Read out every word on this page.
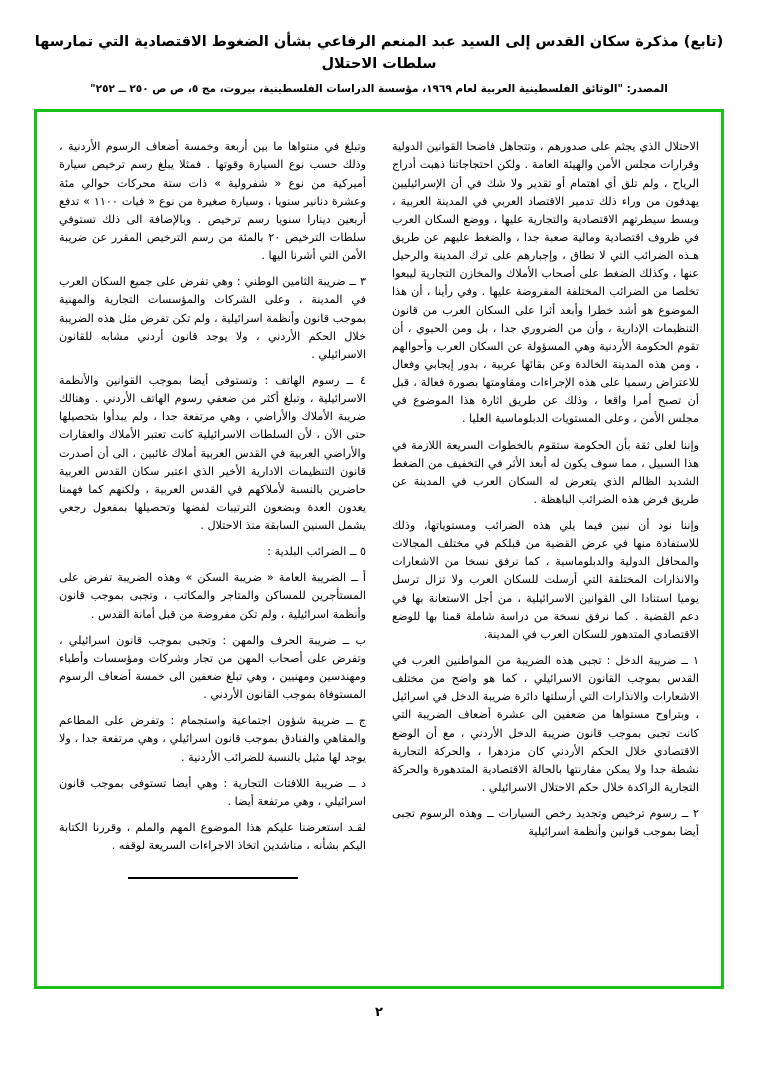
(تابع) مذكرة سكان القدس إلى السيد عبد المنعم الرفاعي بشأن الضغوط الاقتصادية التي تمارسها سلطات الاحتلال
المصدر: "الوثائق الفلسطينية العربية لعام ١٩٦٩، مؤسسة الدراسات الفلسطينية، بيروت، مج ٥، ص ص ٢٥٠ ــ ٢٥٢"

الاحتلال الذي يجثم على صدورهم ، وتتجاهل فاضحا القوانين الدولية وقرارات مجلس الأمن والهيئة العامة . ولكن احتجاجاتنا ذهبت أدراج الرياح ، ولم تلق أي اهتمام أو تقدير ولا شك في أن الإسرائيليين يهدفون من وراء ذلك تدمير الاقتصاد العربي في المدينة العربية ، وبسط سيطرتهم الاقتصادية والتجارية عليها ، ووضع السكان العرب في ظروف اقتصادية ومالية صعبة جدا ، والضغط عليهم عن طريق هـذه الضرائب التي لا تطاق ، وإجبارهم على ترك المدينة والرحيل عنها ، وكذلك الضغط على أصحاب الأملاك والمخازن التجارية ليبعوا تخلصا من الضرائب المختلفة المفروضة عليها . وفي رأينا ، أن هذا الموضوع هو أشد خطرا وأبعد أثرا على السكان العرب من قانون التنظيمات الإدارية ، وأن من الضروري جدا ، بل ومن الحيوي ، أن تقوم الحكومة الأردنية وهي المسؤولة عن السكان العرب وأحوالهم ، ومن هذه المدينة الخالدة وعن بقائها عربية ، بدور إيجابي وفعال للاعتراض رسميا على هذه الإجراءات ومقاومتها بصورة فعالة ، قبل أن تصبح أمرا واقعا ، وذلك عن طريق اثارة هذا الموضوع في مجلس الأمن ، وعلى المستويات الدبلوماسية العليا .

وإننا لعلى ثقة بأن الحكومة ستقوم بالخطوات السريعة اللازمة في هذا السبيل ، مما سوف يكون له أبعد الأثر في التخفيف من الضغط الشديد الظالم الذي يتعرض له السكان العرب في المدينة عن طريق فرض هذه الضرائب الباهظة .

وإننا نود أن نبين فيما يلي هذه الضرائب ومستوياتها، وذلك للاستفادة منها في عرض القضية من قبلكم في مختلف المجالات والمحافل الدولية والدبلوماسية ، كما نرفق نسخا من الاشعارات والانذارات المختلفة التي أرسلت للسكان العرب ولا تزال ترسل يوميا استنادا الى القوانين الاسرائيلية ، من أجل الاستعانة بها في دعم القضية . كما نرفق نسخة من دراسة شاملة قمنا بها للوضع الاقتصادي المتدهور للسكان العرب في المدينة.

١ ــ ضريبة الدخل : تجبى هذه الضريبة من المواطنين العرب في القدس بموجب القانون الاسرائيلي ، كما هو واضح من مختلف الاشعارات والانذارات التي أرسلتها دائرة ضريبة الدخل في اسرائيل ، وبتراوح مستواها من ضعفين الى عشرة أضعاف الضريبة التي كانت تجبى بموجب قانون ضريبة الدخل الأردني ، مع أن الوضع الاقتصادي خلال الحكم الأردني كان مزدهرا ، والحركة التجارية نشطة جدا ولا يمكن مقارنتها بالحالة الاقتصادية المتدهورة والحركة التجارية الراكدة خلال حكم الاحتلال الاسرائيلي .

٢ ــ رسوم ترخيص وتجديد رخص السيارات ــ وهذه الرسوم تجبى أيضا بموجب قوانين وأنظمة اسرائيلية

وتبلغ في منتواها ما بين أربعة وخمسة أضعاف الرسوم الأردنية ، وذلك حسب نوع السيارة وقوتها . فمثلا يبلغ رسم ترخيص سيارة أميركية من نوع « شفرولية » ذات ستة محركات حوالي مئة وعشرة دنانير سنويا ، وسيارة صغيرة من نوع « فيات ١١٠٠ » تدفع أربعين دينارا سنويا رسم ترخيص . وبالإضافة الى ذلك تستوفي سلطات الترخيص ٢٠ بالمئة من رسم الترخيص المقرر عن ضريبة الأمن التي أشرنا اليها .

٣ ــ ضريبة الثامين الوطني : وهي تفرض على جميع السكان العرب في المدينة ، وعلى الشركات والمؤسسات التجارية والمهنية بموجب قانون وأنظمة اسرائيلية ، ولم تكن تفرض مثل هذه الضريبة خلال الحكم الأردني ، ولا يوجد قانون أردني مشابه للقانون الاسرائيلي .

٤ ــ رسوم الهاتف : وتستوفى أيضا بموجب القوانين والأنظمة الاسرائيلية ، وتبلغ أكثر من ضعفي رسوم الهاتف الأردني . وهنالك ضريبة الأملاك والأراضي ، وهي مرتفعة جدا ، ولم يبدأوا بتحصيلها حتى الآن ، لأن السلطات الاسرائيلية كانت تعتبر الأملاك والعقارات والأراضي العربية في القدس العربية أملاك غائبين ، الى أن أصدرت قانون التنظيمات الادارية الأخير الذي اعتبر سكان القدس العربية حاضرين بالنسبة لأملاكهم في القدس العربية ، ولكنهم كما فهمنا يعدون العدة وبضعون الترتيبات لفضها وتحصيلها بمفعول رجعي يشمل السنين السابقة منذ الاحتلال .

٥ ــ الضرائب البلدية :

أ ــ الضريبة العامة « ضريبة السكن » وهذه الضريبة تفرض على المستأجرين للمساكن والمتاجر والمكاتب ، وتجبى بموجب قانون وأنظمة اسرائيلية ، ولم تكن مفروضة من قبل أمانة القدس .

ب ــ ضريبة الحرف والمهن : وتجبى بموجب قانون اسرائيلي ، وتفرض على أصحاب المهن من تجار وشركات ومؤسسات وأطباء ومهندسين ومهنيين ، وهي تبلغ ضعفين الى خمسة أضعاف الرسوم المستوفاة بموجب القانون الأردني .

ج ــ ضريبة شؤون اجتماعية واستجمام : وتفرض على المطاعم والمقاهي والفنادق بموجب قانون اسرائيلي ، وهي مرتفعة جدا ، ولا يوجد لها مثيل بالنسبة للضرائب الأردنية .

د ــ ضريبة اللافتات التجارية : وهي أيضا تستوفى بموجب قانون اسرائيلي ، وهي مرتفعة أيضا .

لقـد استعرضنا عليكم هذا الموضوع المهم والملم ، وقررنا الكتابة اليكم بشأنه ، مناشدين اتخاذ الاجراءات السريعة لوقفه .

٢
